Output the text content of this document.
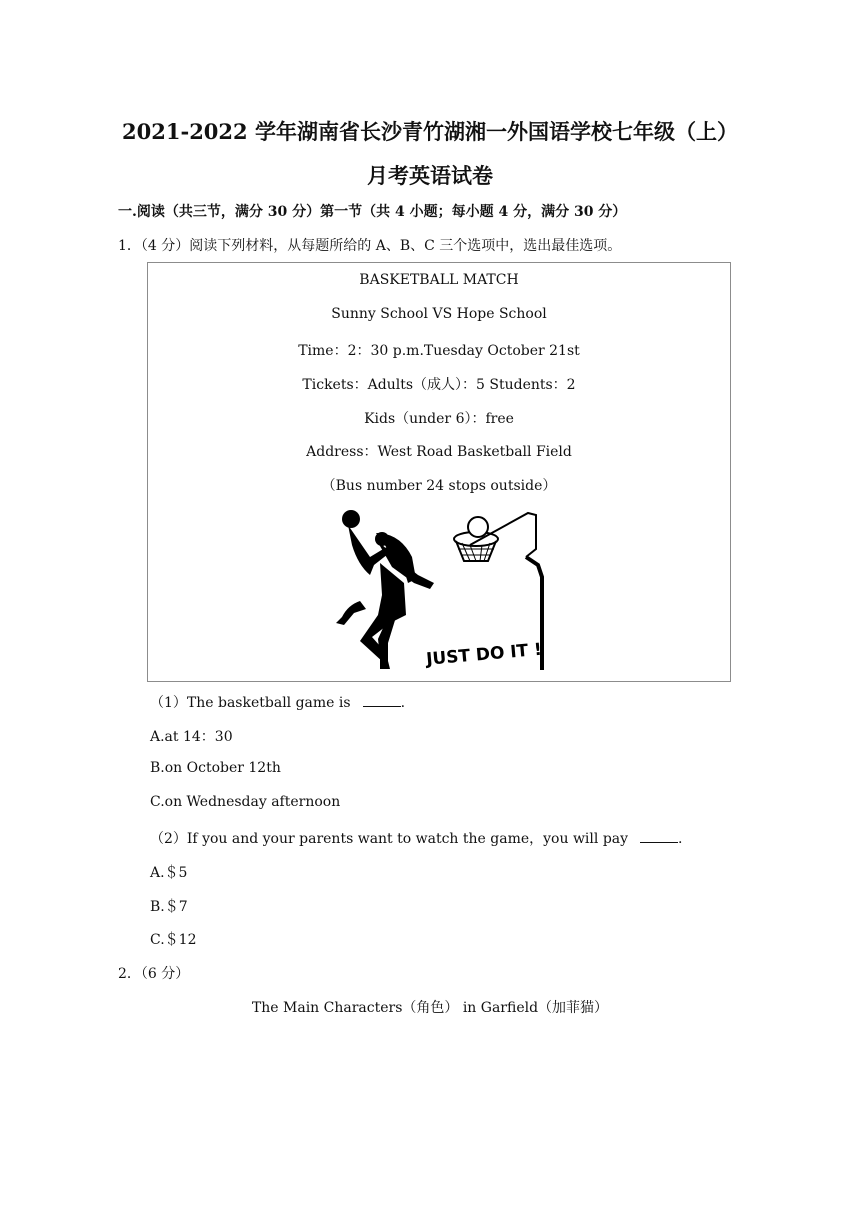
2021-2022 学年湖南省长沙青竹湖湘一外国语学校七年级（上）
月考英语试卷
一.阅读（共三节，满分 30 分）第一节（共 4 小题；每小题 4 分，满分 30 分）
1．（4 分）阅读下列材料，从每题所给的 A、B、C 三个选项中，选出最佳选项。
BASKETBALL MATCH
Sunny School VS Hope School
Time：2：30 p.m.Tuesday October 21st
Tickets：Adults（成人）：5 Students：2
Kids（under 6）：free
Address：West Road Basketball Field
（Bus number 24 stops outside）
JUST DO IT !
（1）The basketball game is	.
A.at 14：30
B.on October 12th
C.on Wednesday afternoon
（2）If you and your parents want to watch the game，you will pay	.
A.＄5
B.＄7
C.＄12
2．（6 分）
The Main Characters（角色） in Garfield（加菲猫）
